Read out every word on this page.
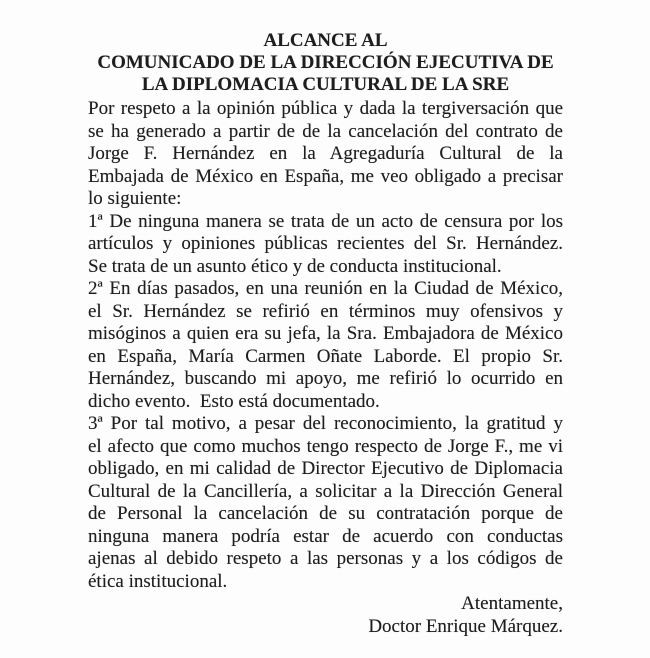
ALCANCE AL
COMUNICADO DE LA DIRECCIÓN EJECUTIVA DE
LA DIPLOMACIA CULTURAL DE LA SRE
Por respeto a la opinión pública y dada la tergiversación que
se ha generado a partir de de la cancelación del contrato de
Jorge F. Hernández en la Agregaduría Cultural de la
Embajada de México en España, me veo obligado a precisar
lo siguiente:
1ª De ninguna manera se trata de un acto de censura por los
artículos y opiniones públicas recientes del Sr. Hernández.
Se trata de un asunto ético y de conducta institucional.
2ª En días pasados, en una reunión en la Ciudad de México,
el Sr. Hernández se refirió en términos muy ofensivos y
misóginos a quien era su jefa, la Sra. Embajadora de México
en España, María Carmen Oñate Laborde. El propio Sr.
Hernández, buscando mi apoyo, me refirió lo ocurrido en
dicho evento.  Esto está documentado.
3ª Por tal motivo, a pesar del reconocimiento, la gratitud y
el afecto que como muchos tengo respecto de Jorge F., me vi
obligado, en mi calidad de Director Ejecutivo de Diplomacia
Cultural de la Cancillería, a solicitar a la Dirección General
de Personal la cancelación de su contratación porque de
ninguna manera podría estar de acuerdo con conductas
ajenas al debido respeto a las personas y a los códigos de
ética institucional.
Atentamente,
Doctor Enrique Márquez.
